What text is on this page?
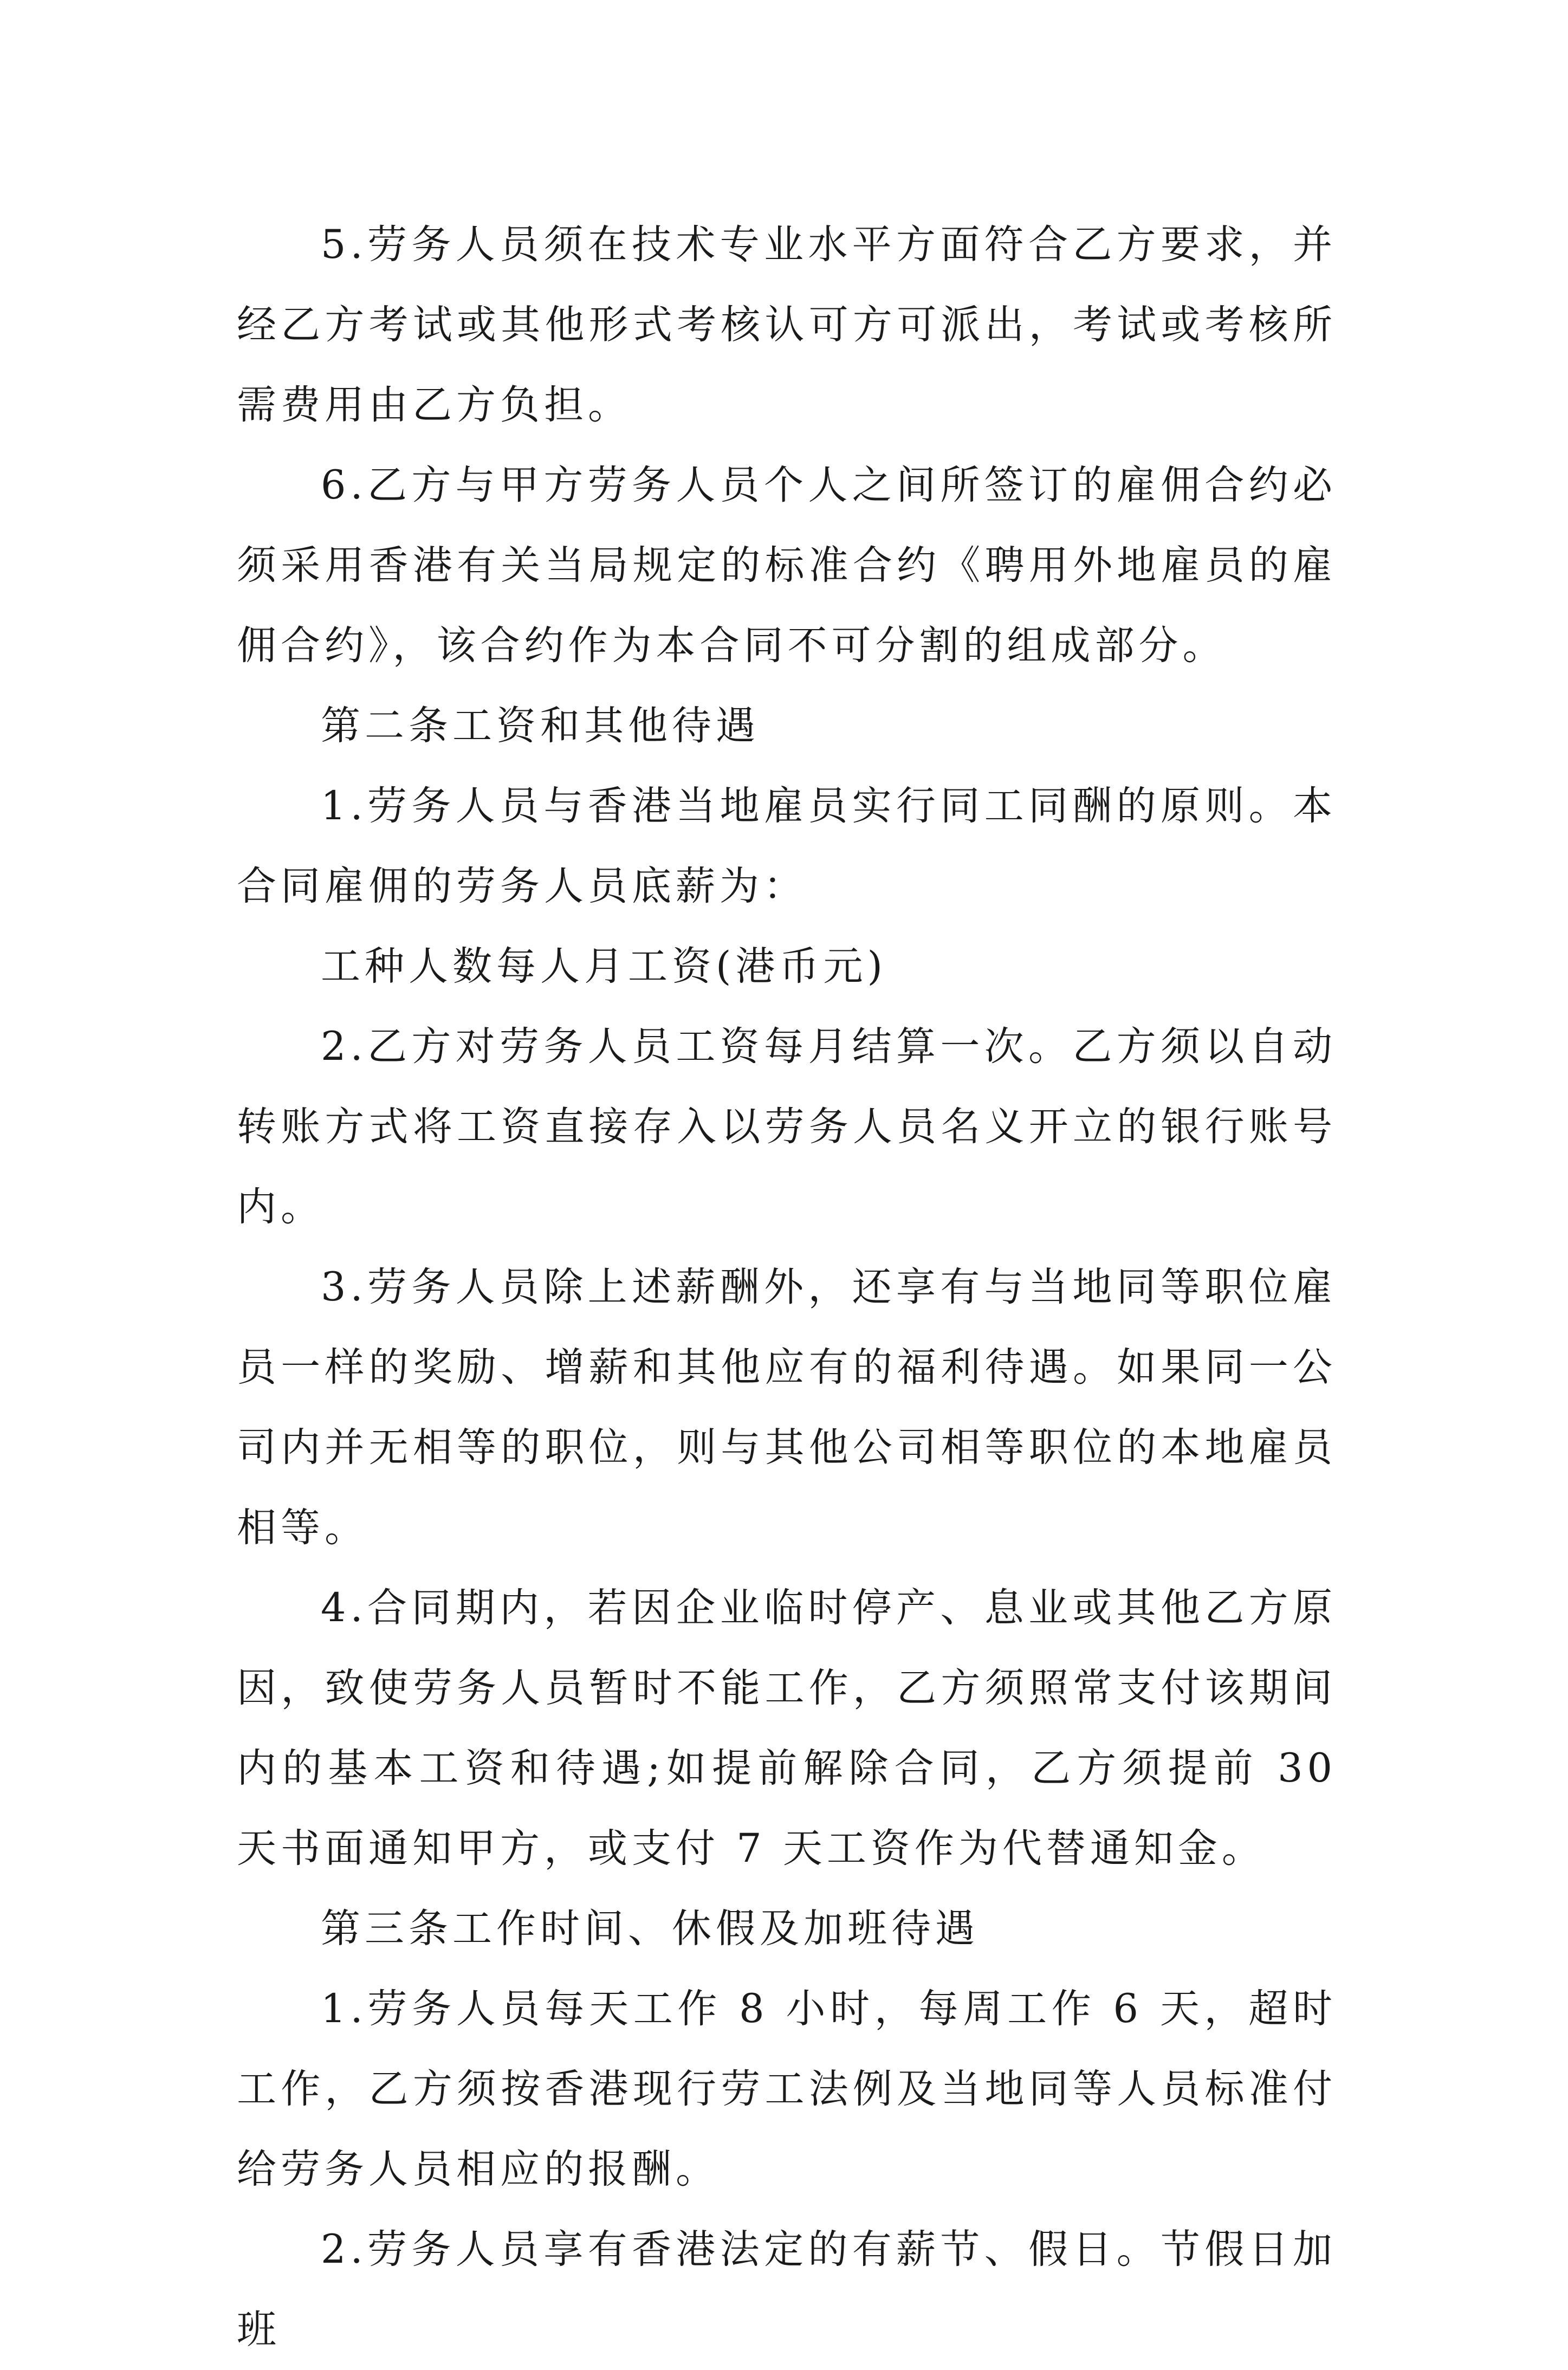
5.劳务人员须在技术专业水平方面符合乙方要求，并经乙方考试或其他形式考核认可方可派出，考试或考核所需费用由乙方负担。

6.乙方与甲方劳务人员个人之间所签订的雇佣合约必须采用香港有关当局规定的标准合约《聘用外地雇员的雇佣合约》，该合约作为本合同不可分割的组成部分。

第二条工资和其他待遇

1.劳务人员与香港当地雇员实行同工同酬的原则。本合同雇佣的劳务人员底薪为：

工种人数每人月工资(港币元)

2.乙方对劳务人员工资每月结算一次。乙方须以自动转账方式将工资直接存入以劳务人员名义开立的银行账号内。

3.劳务人员除上述薪酬外，还享有与当地同等职位雇员一样的奖励、增薪和其他应有的福利待遇。如果同一公司内并无相等的职位，则与其他公司相等职位的本地雇员相等。

4.合同期内，若因企业临时停产、息业或其他乙方原因，致使劳务人员暂时不能工作，乙方须照常支付该期间内的基本工资和待遇;如提前解除合同，乙方须提前 30 天书面通知甲方，或支付 7 天工资作为代替通知金。

第三条工作时间、休假及加班待遇

1.劳务人员每天工作 8 小时，每周工作 6 天，超时工作，乙方须按香港现行劳工法例及当地同等人员标准付给劳务人员相应的报酬。

2.劳务人员享有香港法定的有薪节、假日。节假日加班
